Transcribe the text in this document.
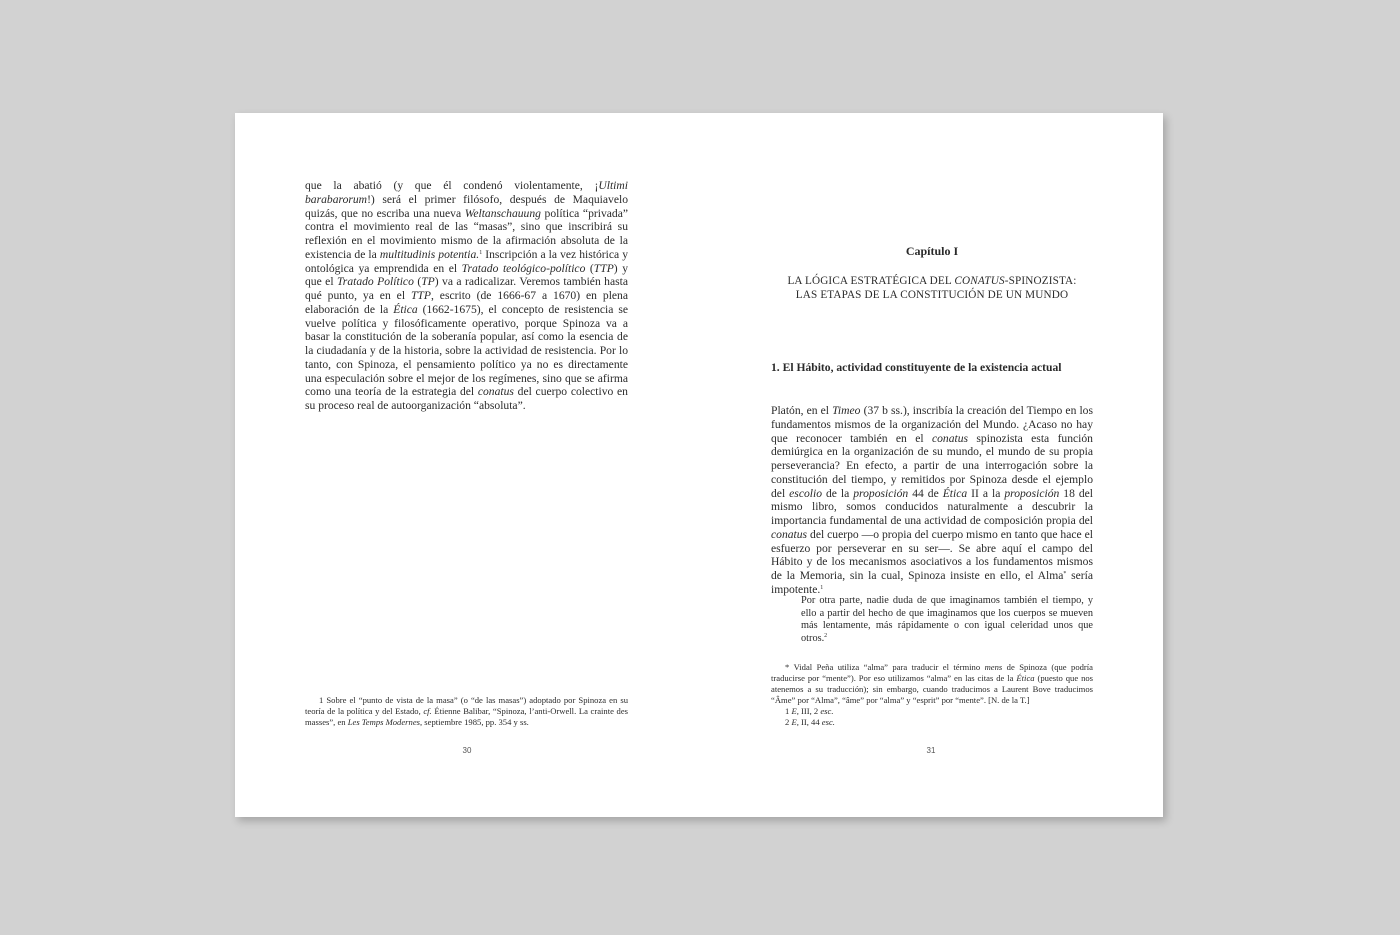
que la abatió (y que él condenó violentamente, ¡Ultimi barabarorum!) será el primer filósofo, después de Maquiavelo quizás, que no escriba una nueva Weltanschauung política “privada” contra el movimiento real de las “masas”, sino que inscribirá su reflexión en el movimiento mismo de la afirmación absoluta de la existencia de la multitudinis potentia.$^1$ Inscripción a la vez histórica y ontológica ya emprendida en el Tratado teológico-político (TTP) y que el Tratado Político (TP) va a radicalizar. Veremos también hasta qué punto, ya en el TTP, escrito (de 1666-67 a 1670) en plena elaboración de la Ética (1662-1675), el concepto de resistencia se vuelve política y filosóficamente operativo, porque Spinoza va a basar la constitución de la soberanía popular, así como la esencia de la ciudadanía y de la historia, sobre la actividad de resistencia. Por lo tanto, con Spinoza, el pensamiento político ya no es directamente una especulación sobre el mejor de los regímenes, sino que se afirma como una teoría de la estrategia del conatus del cuerpo colectivo en su proceso real de autoorganización “absoluta”.

1 Sobre el “punto de vista de la masa” (o “de las masas”) adoptado por Spinoza en su teoría de la política y del Estado, cf. Étienne Balibar, “Spinoza, l’anti-Orwell. La crainte des masses”, en Les Temps Modernes, septiembre 1985, pp. 354 y ss.

30
Capítulo I
LA LÓGICA ESTRATÉGICA DEL CONATUS-SPINOZISTA:
LAS ETAPAS DE LA CONSTITUCIÓN DE UN MUNDO
1. El Hábito, actividad constituyente de la existencia actual

Platón, en el Timeo (37 b ss.), inscribía la creación del Tiempo en los fundamentos mismos de la organización del Mundo. ¿Acaso no hay que reconocer también en el conatus spinozista esta función demiúrgica en la organización de su mundo, el mundo de su propia perseverancia? En efecto, a partir de una interrogación sobre la constitución del tiempo, y remitidos por Spinoza desde el ejemplo del escolio de la proposición 44 de Ética II a la proposición 18 del mismo libro, somos conducidos naturalmente a descubrir la importancia fundamental de una actividad de composición propia del conatus del cuerpo —o propia del cuerpo mismo en tanto que hace el esfuerzo por perseverar en su ser—. Se abre aquí el campo del Hábito y de los mecanismos asociativos a los fundamentos mismos de la Memoria, sin la cual, Spinoza insiste en ello, el Alma* sería impotente.$^1$

Por otra parte, nadie duda de que imaginamos también el tiempo, y ello a partir del hecho de que imaginamos que los cuerpos se mueven más lentamente, más rápidamente o con igual celeridad unos que otros.$^2$

* Vidal Peña utiliza “alma” para traducir el término mens de Spinoza (que podría traducirse por “mente”). Por eso utilizamos “alma” en las citas de la Ética (puesto que nos atenemos a su traducción); sin embargo, cuando traducimos a Laurent Bove traducimos “Âme” por “Alma”, “âme” por “alma” y “esprit” por “mente”. [N. de la T.]

1 E, III, 2 esc.

2 E, II, 44 esc.

31
